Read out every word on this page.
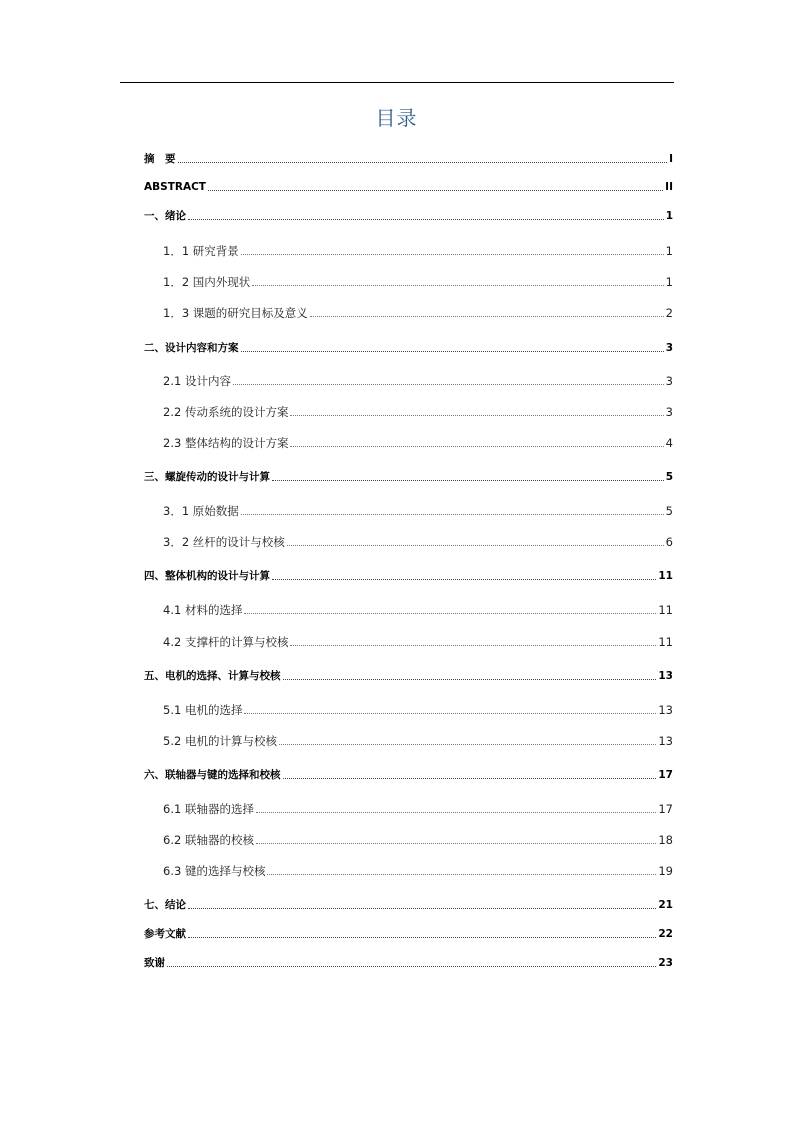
目录
摘　要	I
ABSTRACT	II
一、绪论	1
1．1 研究背景	1
1．2 国内外现状	1
1．3 课题的研究目标及意义	2
二、设计内容和方案	3
2.1 设计内容	3
2.2 传动系统的设计方案	3
2.3 整体结构的设计方案	4
三、螺旋传动的设计与计算	5
3．1 原始数据	5
3．2 丝杆的设计与校核	6
四、整体机构的设计与计算	11
4.1 材料的选择	11
4.2 支撑杆的计算与校核	11
五、电机的选择、计算与校核	13
5.1 电机的选择	13
5.2 电机的计算与校核	13
六、联轴器与键的选择和校核	17
6.1 联轴器的选择	17
6.2 联轴器的校核	18
6.3 键的选择与校核	19
七、结论	21
参考文献	22
致谢	23
